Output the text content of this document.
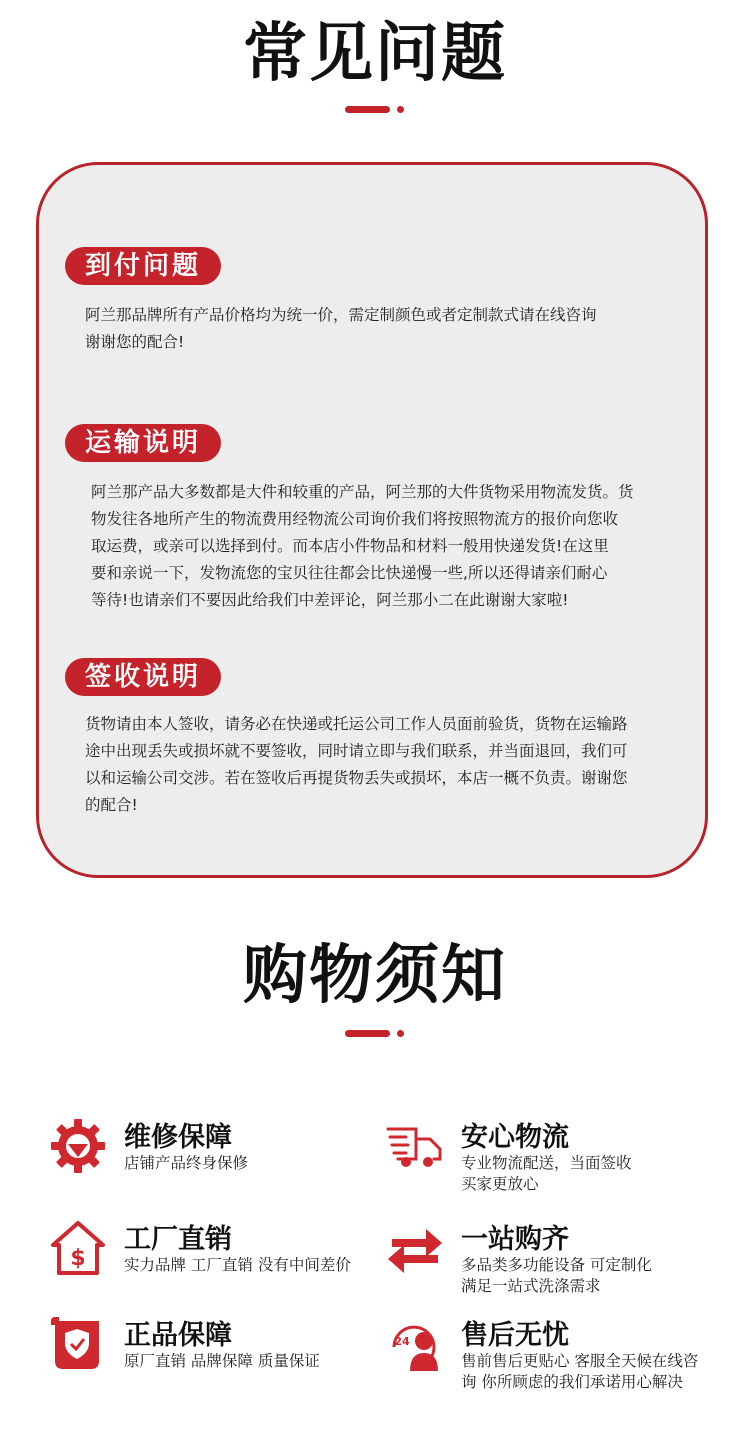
常见问题
到付问题
阿兰那品牌所有产品价格均为统一价，需定制颜色或者定制款式请在线咨询
谢谢您的配合!
运输说明
阿兰那产品大多数都是大件和较重的产品，阿兰那的大件货物采用物流发货。货
物发往各地所产生的物流费用经物流公司询价我们将按照物流方的报价向您收
取运费，或亲可以选择到付。而本店小件物品和材料一般用快递发货!在这里
要和亲说一下，发物流您的宝贝往往都会比快递慢一些,所以还得请亲们耐心
等待!也请亲们不要因此给我们中差评论，阿兰那小二在此谢谢大家啦!
签收说明
货物请由本人签收，请务必在快递或托运公司工作人员面前验货，货物在运输路
途中出现丢失或损坏就不要签收，同时请立即与我们联系，并当面退回，我们可
以和运输公司交涉。若在签收后再提货物丢失或损坏，本店一概不负责。谢谢您
的配合!
购物须知
维修保障
店铺产品终身保修
安心物流
专业物流配送，当面签收
买家更放心
$
工厂直销
实力品牌 工厂直销 没有中间差价
一站购齐
多品类多功能设备 可定制化
满足一站式洗涤需求
正品保障
原厂直销 品牌保障 质量保证
24 售后无忧
售前售后更贴心 客服全天候在线咨
询 你所顾虑的我们承诺用心解决
